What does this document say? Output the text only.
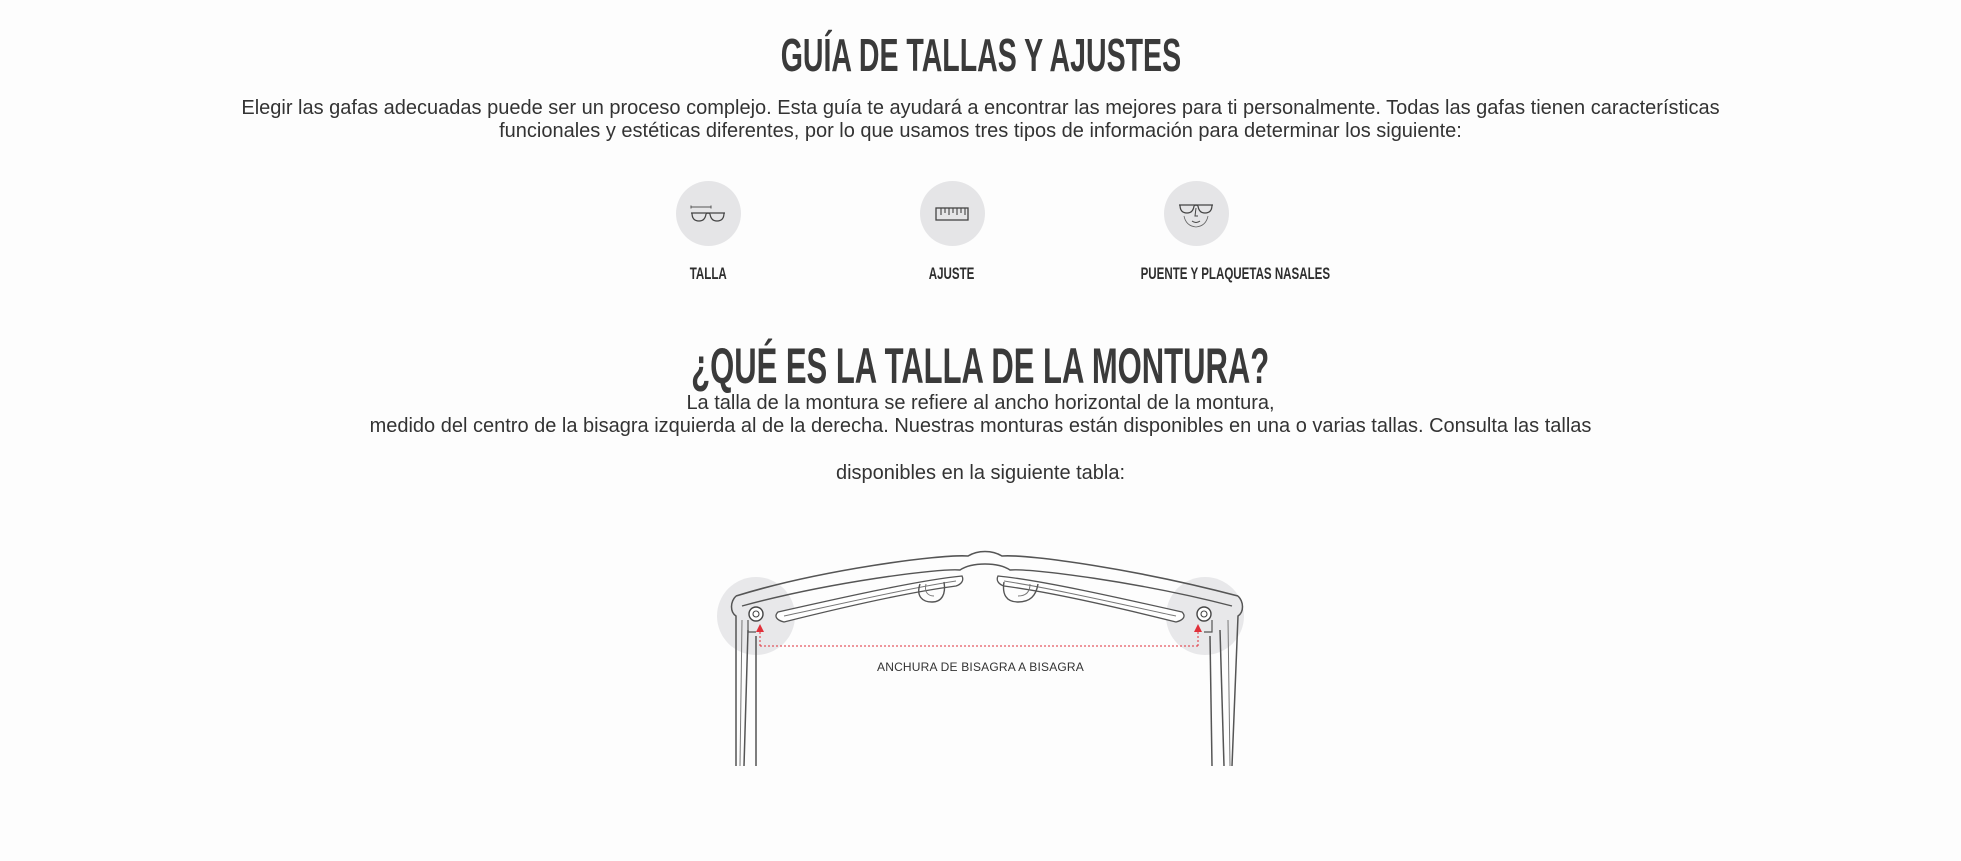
GUÍA DE TALLAS Y AJUSTES

Elegir las gafas adecuadas puede ser un proceso complejo. Esta guía te ayudará a encontrar las mejores para ti personalmente. Todas las gafas tienen características

funcionales y estéticas diferentes, por lo que usamos tres tipos de información para determinar los siguiente:

TALLA	AJUSTE	PUENTE Y PLAQUETAS NASALES
¿QUÉ ES LA TALLA DE LA MONTURA?

La talla de la montura se refiere al ancho horizontal de la montura,

medido del centro de la bisagra izquierda al de la derecha. Nuestras monturas están disponibles en una o varias tallas. Consulta las tallas

disponibles en la siguiente tabla:

ANCHURA DE BISAGRA A BISAGRA
